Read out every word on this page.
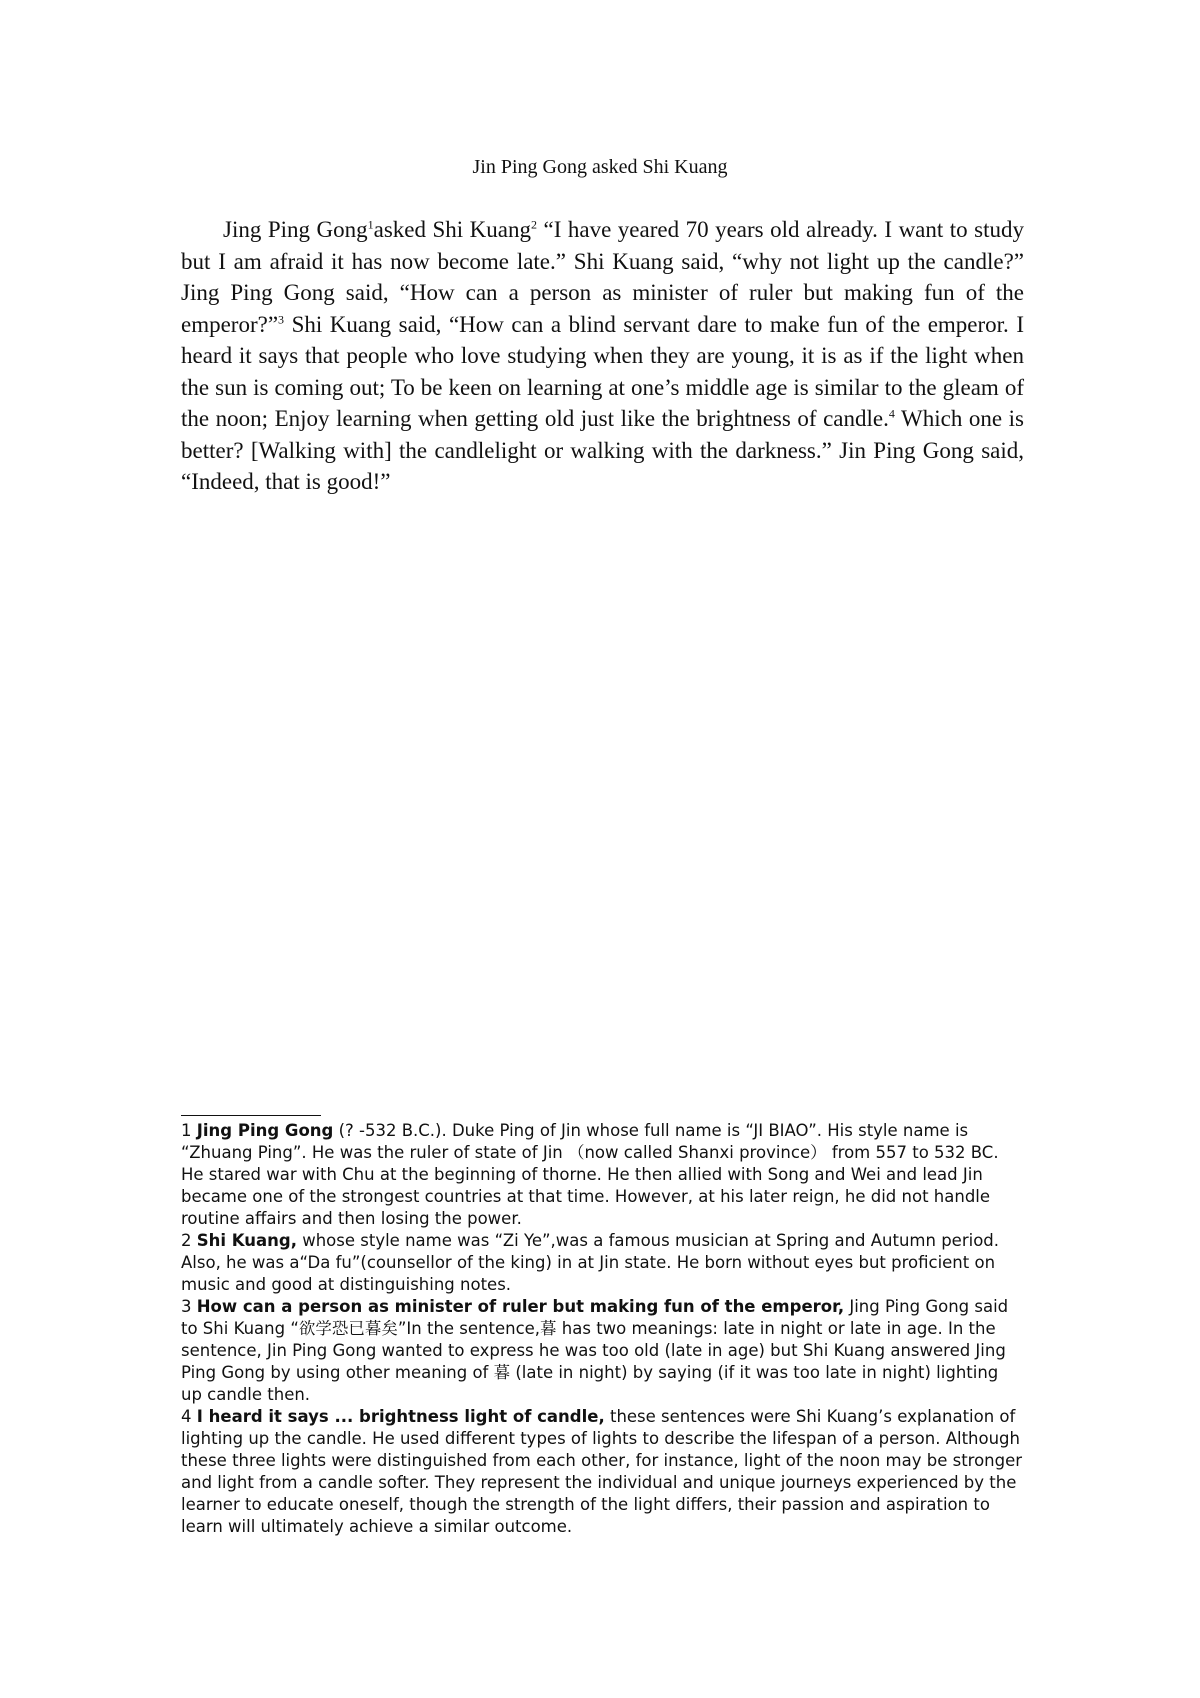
Jin Ping Gong asked Shi Kuang

Jing Ping Gong$^1$asked Shi Kuang$^2$ “I have yeared 70 years old already. I want to study but I am afraid it has now become late.” Shi Kuang said, “why not light up the candle?” Jing Ping Gong said, “How can a person as minister of ruler but making fun of the emperor?”$^3$ Shi Kuang said, “How can a blind servant dare to make fun of the emperor. I heard it says that people who love studying when they are young, it is as if the light when the sun is coming out; To be keen on learning at one’s middle age is similar to the gleam of the noon; Enjoy learning when getting old just like the brightness of candle.$^4$ Which one is better? [Walking with] the candlelight or walking with the darkness.” Jin Ping Gong said, “Indeed, that is good!”

1 Jing Ping Gong (? -532 B.C.). Duke Ping of Jin whose full name is “JI BIAO”. His style name is “Zhuang Ping”. He was the ruler of state of Jin （now called Shanxi province） from 557 to 532 BC. He stared war with Chu at the beginning of thorne. He then allied with Song and Wei and lead Jin became one of the strongest countries at that time. However, at his later reign, he did not handle routine affairs and then losing the power.

2 Shi Kuang, whose style name was “Zi Ye”,was a famous musician at Spring and Autumn period. Also, he was a“Da fu”(counsellor of the king) in at Jin state. He born without eyes but proficient on music and good at distinguishing notes.

3 How can a person as minister of ruler but making fun of the emperor, Jing Ping Gong said to Shi Kuang “欲学恐已暮矣”In the sentence,暮 has two meanings: late in night or late in age. In the sentence, Jin Ping Gong wanted to express he was too old (late in age) but Shi Kuang answered Jing Ping Gong by using other meaning of 暮 (late in night) by saying (if it was too late in night) lighting up candle then.

4 I heard it says ... brightness light of candle, these sentences were Shi Kuang’s explanation of lighting up the candle. He used different types of lights to describe the lifespan of a person. Although these three lights were distinguished from each other, for instance, light of the noon may be stronger and light from a candle softer. They represent the individual and unique journeys experienced by the learner to educate oneself, though the strength of the light differs, their passion and aspiration to learn will ultimately achieve a similar outcome.
